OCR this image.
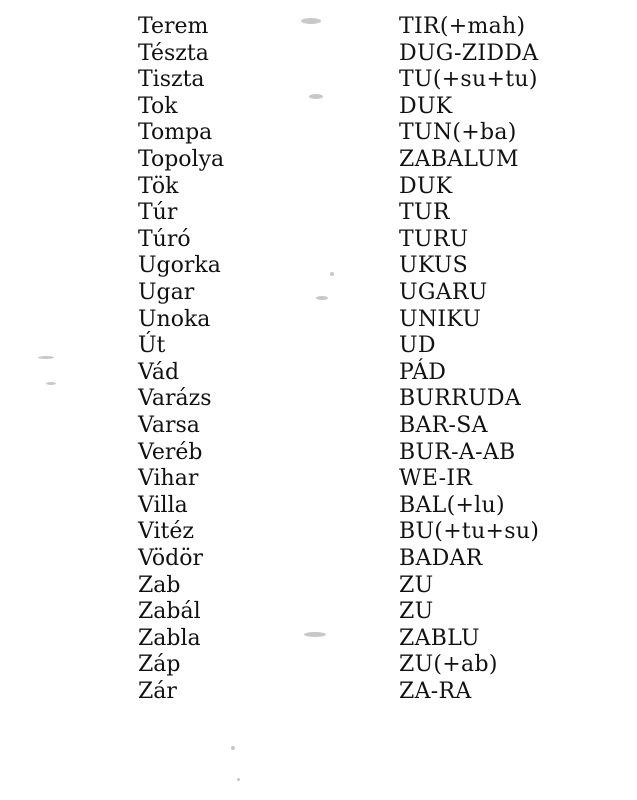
Terem	TIR(+mah)
Tészta	DUG-ZIDDA
Tiszta	TU(+su+tu)
Tok	DUK
Tompa	TUN(+ba)
Topolya	ZABALUM
Tök	DUK
Túr	TUR
Túró	TURU
Ugorka	UKUS
Ugar	UGARU
Unoka	UNIKU
Út	UD
Vád	PÁD
Varázs	BURRUDA
Varsa	BAR-SA
Veréb	BUR-A-AB
Vihar	WE-IR
Villa	BAL(+lu)
Vitéz	BU(+tu+su)
Vödör	BADAR
Zab	ZU
Zabál	ZU
Zabla	ZABLU
Záp	ZU(+ab)
Zár	ZA-RA
